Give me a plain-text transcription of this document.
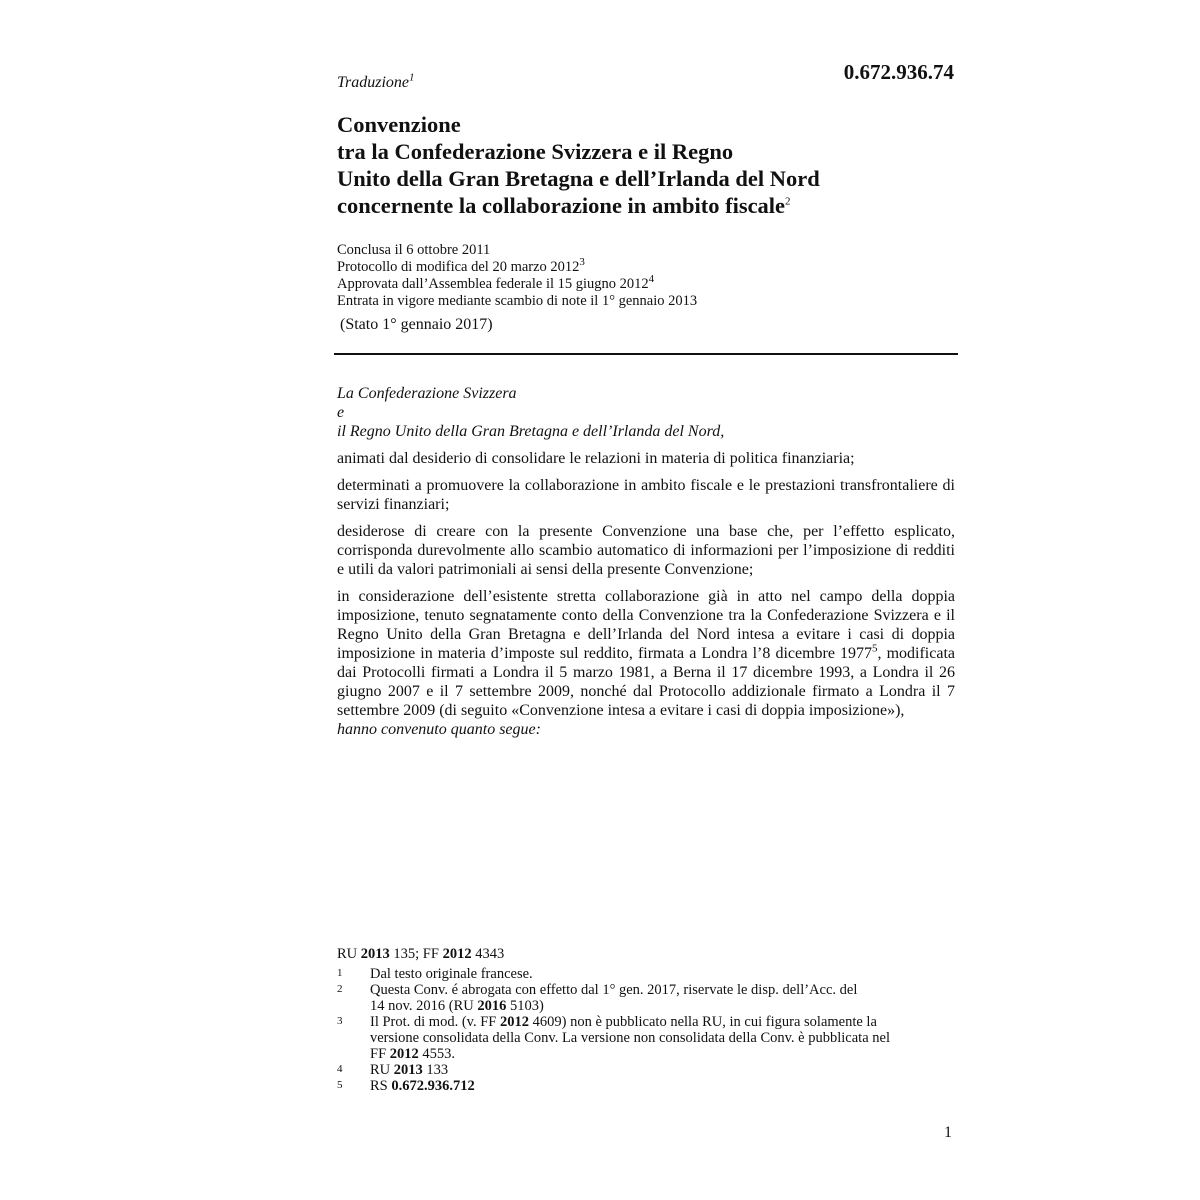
Traduzione$^1$	0.672.936.74
Convenzione
tra la Confederazione Svizzera e il Regno
Unito della Gran Bretagna e dell’Irlanda del Nord
concernente la collaborazione in ambito fiscale$^2$
Conclusa il 6 ottobre 2011
Protocollo di modifica del 20 marzo 2012$^3$
Approvata dall’Assemblea federale il 15 giugno 2012$^4$
Entrata in vigore mediante scambio di note il 1° gennaio 2013
(Stato 1° gennaio 2017)

La Confederazione Svizzera
e
il Regno Unito della Gran Bretagna e dell’Irlanda del Nord,

animati dal desiderio di consolidare le relazioni in materia di politica finanziaria;

determinati a promuovere la collaborazione in ambito fiscale e le prestazioni transfrontaliere di servizi finanziari;

desiderose di creare con la presente Convenzione una base che, per l’effetto esplicato, corrisponda durevolmente allo scambio automatico di informazioni per l’imposizione di redditi e utili da valori patrimoniali ai sensi della presente Convenzione;

in considerazione dell’esistente stretta collaborazione già in atto nel campo della doppia imposizione, tenuto segnatamente conto della Convenzione tra la Confederazione Svizzera e il Regno Unito della Gran Bretagna e dell’Irlanda del Nord intesa a evitare i casi di doppia imposizione in materia d’imposte sul reddito, firmata a Londra l’8 dicembre 1977$^5$, modificata dai Protocolli firmati a Londra il 5 marzo 1981, a Berna il 17 dicembre 1993, a Londra il 26 giugno 2007 e il 7 settembre 2009, nonché dal Protocollo addizionale firmato a Londra il 7 settembre 2009 (di seguito «Convenzione intesa a evitare i casi di doppia imposizione»),

hanno convenuto quanto segue:

RU 2013 135; FF 2012 4343
1	Dal testo originale francese.
2	Questa Conv. é abrogata con effetto dal 1° gen. 2017, riservate le disp. dell’Acc. del
14 nov. 2016 (RU 2016 5103)
3	Il Prot. di mod. (v. FF 2012 4609) non è pubblicato nella RU, in cui figura solamente la
versione consolidata della Conv. La versione non consolidata della Conv. è pubblicata nel
FF 2012 4553.
4	RU 2013 133
5	RS 0.672.936.712
1
